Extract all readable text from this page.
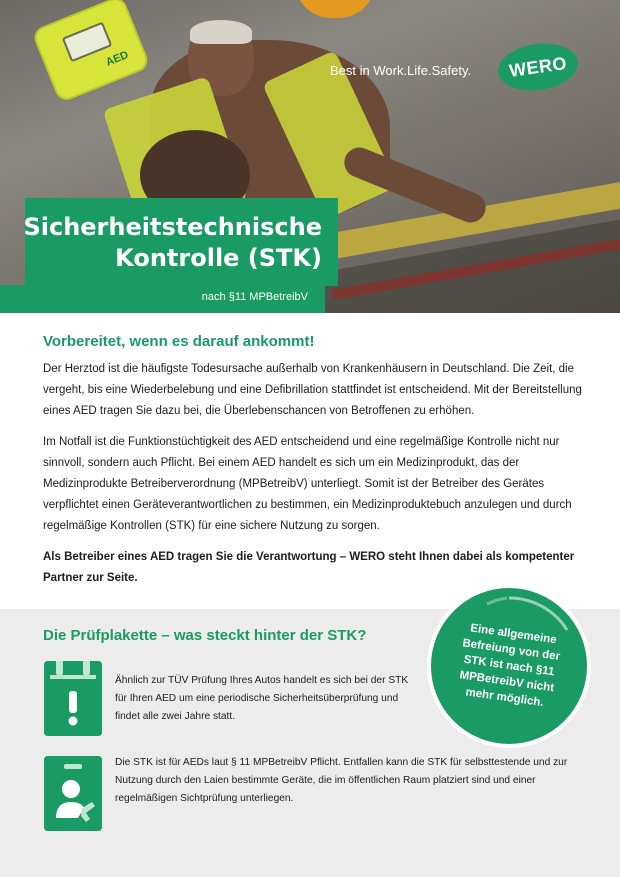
AED
Best in Work.Life.Safety.	WERO
Sicherheitstechnische
Kontrolle (STK)
nach §11 MPBetreibV
Vorbereitet, wenn es darauf ankommt!

Der Herztod ist die häufigste Todesursache außerhalb von Krankenhäusern in Deutschland. Die Zeit, die vergeht, bis eine Wiederbelebung und eine Defibrillation stattfindet ist entscheidend. Mit der Bereitstellung eines AED tragen Sie dazu bei, die Überlebenschancen von Betroffenen zu erhöhen.

Im Notfall ist die Funktionstüchtigkeit des AED entscheidend und eine regelmäßige Kontrolle nicht nur sinnvoll, sondern auch Pflicht. Bei einem AED handelt es sich um ein Medizinprodukt, das der Medizinprodukte Betreiberverordnung (MPBetreibV) unterliegt. Somit ist der Betreiber des Gerätes verpflichtet einen Geräteverantwortlichen zu bestimmen, ein Medizinproduktebuch anzulegen und durch regelmäßige Kontrollen (STK) für eine sichere Nutzung zu sorgen.

Als Betreiber eines AED tragen Sie die Verantwortung – WERO steht Ihnen dabei als kompetenter Partner zur Seite.

Die Prüfplakette – was steckt hinter der STK?
Ähnlich zur TÜV Prüfung Ihres Autos handelt es sich bei der STK für Ihren AED um eine periodische Sicherheitsüberprüfung und findet alle zwei Jahre statt.
Die STK ist für AEDs laut § 11 MPBetreibV Pflicht. Entfallen kann die STK für selbsttestende und zur Nutzung durch den Laien bestimmte Geräte, die im öffentlichen Raum platziert sind und einer regelmäßigen Sichtprüfung unterliegen.
Eine allgemeine Befreiung von der STK ist nach §11 MPBetreibV nicht mehr möglich.
